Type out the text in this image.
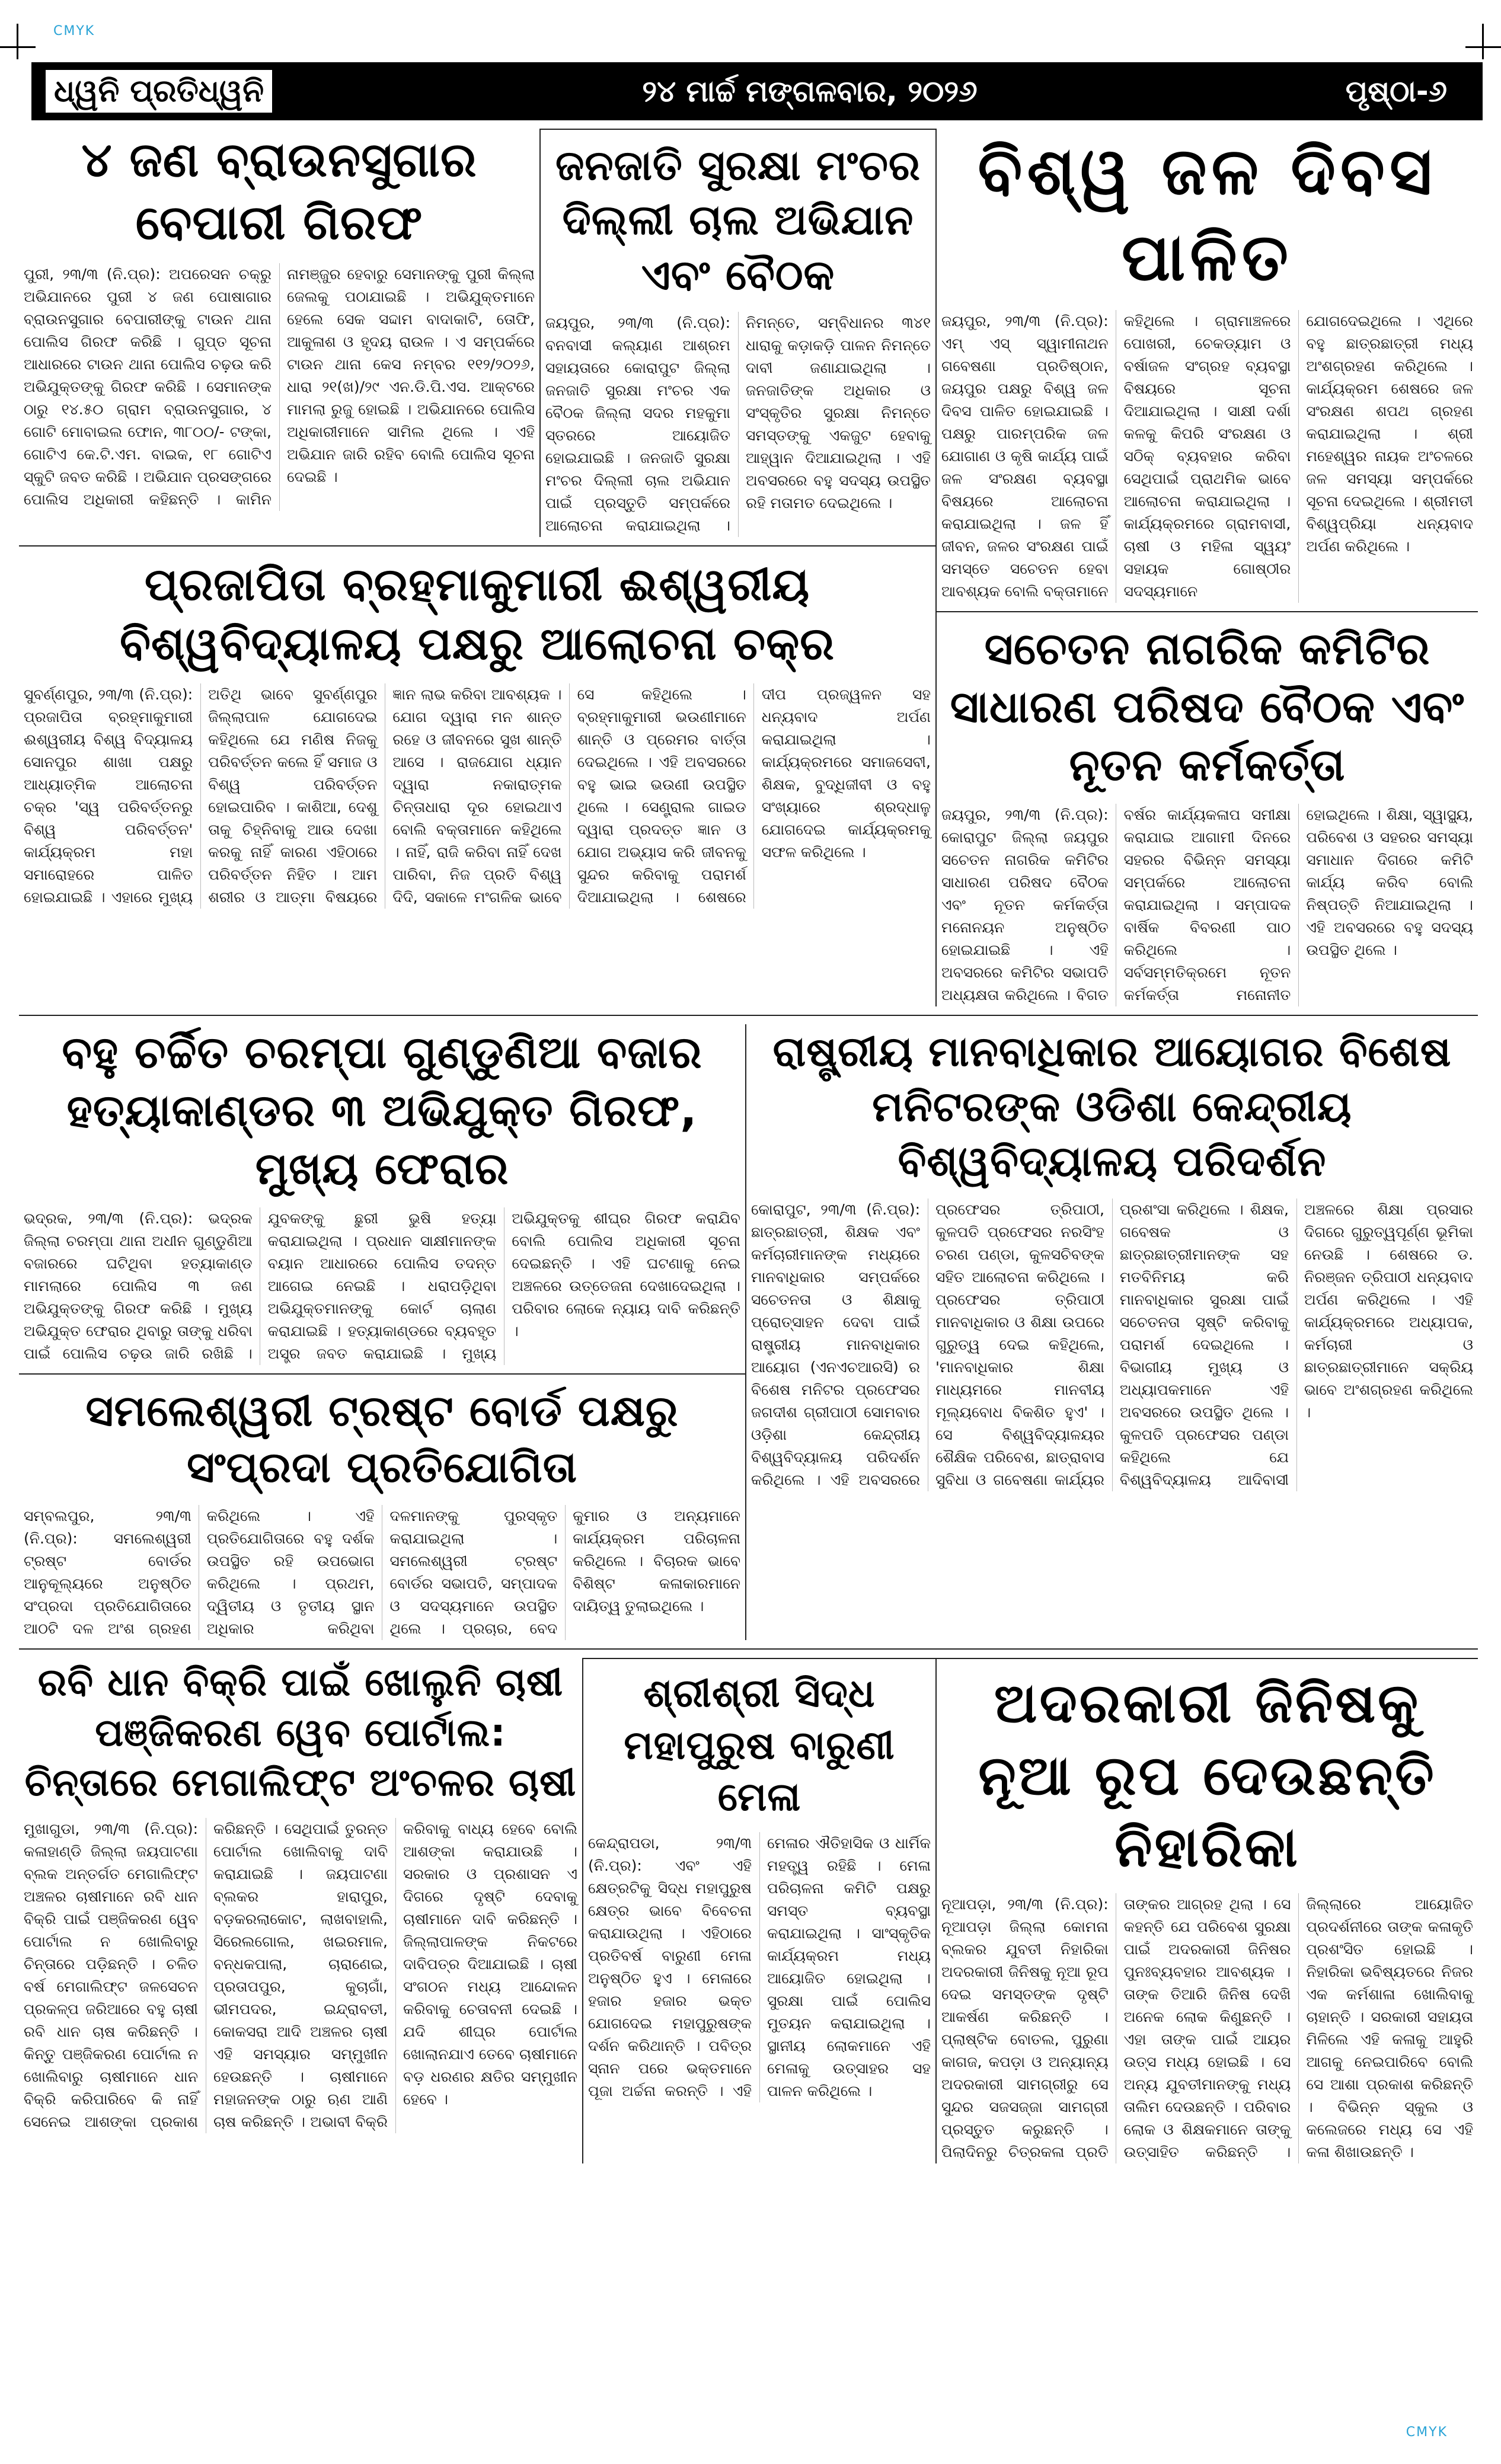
CMYK
CMYK
ଧ୍ୱନି ପ୍ରତିଧ୍ୱନି	୨୪ ମାର୍ଚ୍ଚ ମଙ୍ଗଳବାର, ୨୦୨୬	ପୃଷ୍ଠା-୬
୪ ଜଣ ବ୍ରାଉନସୁଗାର ବେପାରୀ ଗିରଫ
ପୁରୀ, ୨୩/୩ (ନି.ପ୍ର): ଅପରେସନ ଚକ୍ରୁ ଅଭିଯାନରେ ପୁରୀ ୪ ଜଣ ପୋଷାଗାର ବ୍ରାଉନସୁଗାର ବେପାରୀଙ୍କୁ ଟାଉନ ଥାନା ପୋଲିସ ଗିରଫ କରିଛି । ଗୁପ୍ତ ସୂଚନା ଆଧାରରେ ଟାଉନ ଥାନା ପୋଲିସ ଚଢ଼ଉ କରି ଅଭିଯୁକ୍ତଙ୍କୁ ଗିରଫ କରିଛି । ସେମାନଙ୍କ ଠାରୁ ୧୪.୫୦ ଗ୍ରାମ ବ୍ରାଉନସୁଗାର, ୪ ଗୋଟି ମୋବାଇଲ ଫୋନ, ୩୮୦୦/- ଟଙ୍କା, ଗୋଟିଏ କେ.ଟି.ଏମ. ବାଇକ, ୧୮ ଗୋଟିଏ ସ୍କୁଟି ଜବତ କରିଛି । ଅଭିଯାନ ପ୍ରସଙ୍ଗରେ ପୋଲିସ ଅଧିକାରୀ କହିଛନ୍ତି । କାମିନ ନାମଞ୍ଜୁର ହେବାରୁ ସେମାନଙ୍କୁ ପୁରୀ କିଲ୍ଲା ଜେଲକୁ ପଠାଯାଇଛି । ଅଭିଯୁକ୍ତମାନେ ହେଲେ ସେକ ସଦ୍ଦାମ ବାଦାକାଟି, ତୋଫି, ଆକୁଳାଶ ଓ ହୃଦୟ ରାଉଳ । ଏ ସମ୍ପର୍କରେ ଟାଉନ ଥାନା କେସ ନମ୍ବର ୧୧୨/୨୦୨୬, ଧାରା ୨୧(ଖ)/୨୯ ଏନ.ଡି.ପି.ଏସ. ଆକ୍ଟରେ ମାମଲା ରୁଜୁ ହୋଇଛି । ଅଭିଯାନରେ ପୋଲିସ ଅଧିକାରୀମାନେ ସାମିଲ ଥିଲେ । ଏହି ଅଭିଯାନ ଜାରି ରହିବ ବୋଲି ପୋଲିସ ସୂଚନା ଦେଇଛି ।
ଜନଜାତି ସୁରକ୍ଷା ମଂଚର ଦିଲ୍ଲୀ ଚାଲ ଅଭିଯାନ ଏବଂ ବୈଠକ
ଜୟପୁର, ୨୩/୩ (ନି.ପ୍ର): ବନବାସୀ କଲ୍ୟାଣ ଆଶ୍ରମ ସହାୟତାରେ କୋରାପୁଟ ଜିଲ୍ଲା ଜନଜାତି ସୁରକ୍ଷା ମଂଚର ଏକ ବୈଠକ ଜିଲ୍ଲା ସଦର ମହକୁମା ସ୍ତରରେ ଆୟୋଜିତ ହୋଇଯାଇଛି । ଜନଜାତି ସୁରକ୍ଷା ମଂଚର ଦିଲ୍ଲୀ ଚାଲ ଅଭିଯାନ ପାଇଁ ପ୍ରସ୍ତୁତି ସମ୍ପର୍କରେ ଆଲୋଚନା କରାଯାଇଥିଲା । ନିମନ୍ତେ, ସମ୍ବିଧାନର ୩୪୧ ଧାରାକୁ କଡ଼ାକଡ଼ି ପାଳନ ନିମନ୍ତେ ଦାବୀ ଜଣାଯାଇଥିଲା । ଜନଜାତିଙ୍କ ଅଧିକାର ଓ ସଂସ୍କୃତିର ସୁରକ୍ଷା ନିମନ୍ତେ ସମସ୍ତଙ୍କୁ ଏକଜୁଟ ହେବାକୁ ଆହ୍ୱାନ ଦିଆଯାଇଥିଲା । ଏହି ଅବସରରେ ବହୁ ସଦସ୍ୟ ଉପସ୍ଥିତ ରହି ମତାମତ ଦେଇଥିଲେ ।
ପ୍ରଜାପିତା ବ୍ରହ୍ମାକୁମାରୀ ଈଶ୍ୱରୀୟ ବିଶ୍ୱବିଦ୍ୟାଳୟ ପକ୍ଷରୁ ଆଲୋଚନା ଚକ୍ର
ସୁବର୍ଣ୍ଣପୁର, ୨୩/୩ (ନି.ପ୍ର): ପ୍ରଜାପିତା ବ୍ରହ୍ମାକୁମାରୀ ଈଶ୍ୱରୀୟ ବିଶ୍ୱ ବିଦ୍ୟାଳୟ ସୋନପୁର ଶାଖା ପକ୍ଷରୁ ଆଧ୍ୟାତ୍ମିକ ଆଲୋଚନା ଚକ୍ର 'ସ୍ୱ ପରିବର୍ତ୍ତନରୁ ବିଶ୍ୱ ପରିବର୍ତ୍ତନ' କାର୍ଯ୍ୟକ୍ରମ ମହା ସମାରୋହରେ ପାଳିତ ହୋଇଯାଇଛି । ଏହାରେ ମୁଖ୍ୟ ଅତିଥି ଭାବେ ସୁବର୍ଣ୍ଣପୁର ଜିଲ୍ଲାପାଳ ଯୋଗଦେଇ କହିଥିଲେ ଯେ ମଣିଷ ନିଜକୁ ପରିବର୍ତ୍ତନ କଲେ ହିଁ ସମାଜ ଓ ବିଶ୍ୱ ପରିବର୍ତ୍ତନ ହୋଇପାରିବ । କାଶିଆ, ଦେଶୁ ତାକୁ ଚିହ୍ନିବାକୁ ଆଉ ଦେଖା କରକୁ ନାହିଁ କାରଣ ଏହିଠାରେ ପରିବର୍ତ୍ତନ ନିହିତ । ଆମ ଶରୀର ଓ ଆତ୍ମା ବିଷୟରେ ଜ୍ଞାନ ଲାଭ କରିବା ଆବଶ୍ୟକ । ଯୋଗ ଦ୍ୱାରା ମନ ଶାନ୍ତ ରହେ ଓ ଜୀବନରେ ସୁଖ ଶାନ୍ତି ଆସେ । ରାଜଯୋଗ ଧ୍ୟାନ ଦ୍ୱାରା ନକାରାତ୍ମକ ଚିନ୍ତାଧାରା ଦୂର ହୋଇଥାଏ ବୋଲି ବକ୍ତାମାନେ କହିଥିଲେ । ନାହିଁ, ରାଜି କରିବା ନାହିଁ ଦେଖ ପାରିବା, ନିଜ ପ୍ରତି ବିଶ୍ୱ ଦିଦି, ସକାଳେ ମଂଗଳିକ ଭାବେ ସେ କହିଥିଲେ । ବ୍ରହ୍ମାକୁମାରୀ ଭଉଣୀମାନେ ଶାନ୍ତି ଓ ପ୍ରେମର ବାର୍ତ୍ତା ଦେଇଥିଲେ । ଏହି ଅବସରରେ ବହୁ ଭାଇ ଭଉଣୀ ଉପସ୍ଥିତ ଥିଲେ । ସେଣ୍ଟ୍ରାଲ ଗାଇଡ ଦ୍ୱାରା ପ୍ରଦତ୍ତ ଜ୍ଞାନ ଓ ଯୋଗ ଅଭ୍ୟାସ କରି ଜୀବନକୁ ସୁନ୍ଦର କରିବାକୁ ପରାମର୍ଶ ଦିଆଯାଇଥିଲା । ଶେଷରେ ଦୀପ ପ୍ରଜ୍ୱଳନ ସହ ଧନ୍ୟବାଦ ଅର୍ପଣ କରାଯାଇଥିଲା । କାର୍ଯ୍ୟକ୍ରମରେ ସମାଜସେବୀ, ଶିକ୍ଷକ, ବୁଦ୍ଧିଜୀବୀ ଓ ବହୁ ସଂଖ୍ୟାରେ ଶ୍ରଦ୍ଧାଳୁ ଯୋଗଦେଇ କାର୍ଯ୍ୟକ୍ରମକୁ ସଫଳ କରିଥିଲେ ।
ବିଶ୍ୱ ଜଳ ଦିବସ ପାଳିତ
ଜୟପୁର, ୨୩/୩ (ନି.ପ୍ର): ଏମ୍ ଏସ୍ ସ୍ୱାମୀନାଥନ ଗବେଷଣା ପ୍ରତିଷ୍ଠାନ, ଜୟପୁର ପକ୍ଷରୁ ବିଶ୍ୱ ଜଳ ଦିବସ ପାଳିତ ହୋଇଯାଇଛି । ପକ୍ଷରୁ ପାରମ୍ପରିକ ଜଳ ଯୋଗାଣ ଓ କୃଷି କାର୍ଯ୍ୟ ପାଇଁ ଜଳ ସଂରକ୍ଷଣ ବ୍ୟବସ୍ଥା ବିଷୟରେ ଆଲୋଚନା କରାଯାଇଥିଲା । ଜଳ ହିଁ ଜୀବନ, ଜଳର ସଂରକ୍ଷଣ ପାଇଁ ସମସ୍ତେ ସଚେତନ ହେବା ଆବଶ୍ୟକ ବୋଲି ବକ୍ତାମାନେ କହିଥିଲେ । ଗ୍ରାମାଞ୍ଚଳରେ ପୋଖରୀ, ଚେକଡ୍ୟାମ ଓ ବର୍ଷାଜଳ ସଂଗ୍ରହ ବ୍ୟବସ୍ଥା ବିଷୟରେ ସୂଚନା ଦିଆଯାଇଥିଲା । ସାକ୍ଷୀ ଦର୍ଶା କଳକୁ କିପରି ସଂରକ୍ଷଣ ଓ ସଠିକ୍ ବ୍ୟବହାର କରିବା ସେଥିପାଇଁ ପ୍ରାଥମିକ ଭାବେ ଆଲୋଚନା କରାଯାଇଥିଲା । କାର୍ଯ୍ୟକ୍ରମରେ ଗ୍ରାମବାସୀ, ଚାଷୀ ଓ ମହିଳା ସ୍ୱୟଂ ସହାୟକ ଗୋଷ୍ଠୀର ସଦସ୍ୟମାନେ ଯୋଗଦେଇଥିଲେ । ଏଥିରେ ବହୁ ଛାତ୍ରଛାତ୍ରୀ ମଧ୍ୟ ଅଂଶଗ୍ରହଣ କରିଥିଲେ । କାର୍ଯ୍ୟକ୍ରମ ଶେଷରେ ଜଳ ସଂରକ୍ଷଣ ଶପଥ ଗ୍ରହଣ କରାଯାଇଥିଲା । ଶ୍ରୀ ମହେଶ୍ୱର ନାୟକ ଅଂଚଳରେ ଜଳ ସମସ୍ୟା ସମ୍ପର୍କରେ ସୂଚନା ଦେଇଥିଲେ । ଶ୍ରୀମତୀ ବିଶ୍ୱପ୍ରିୟା ଧନ୍ୟବାଦ ଅର୍ପଣ କରିଥିଲେ ।
ସଚେତନ ନାଗରିକ କମିଟିର ସାଧାରଣ ପରିଷଦ ବୈଠକ ଏବଂ ନୂତନ କର୍ମକର୍ତ୍ତା
ଜୟପୁର, ୨୩/୩ (ନି.ପ୍ର): କୋରାପୁଟ ଜିଲ୍ଲା ଜୟପୁର ସଚେତନ ନାଗରିକ କମିଟିର ସାଧାରଣ ପରିଷଦ ବୈଠକ ଏବଂ ନୂତନ କର୍ମକର୍ତ୍ତା ମନୋନୟନ ଅନୁଷ୍ଠିତ ହୋଇଯାଇଛି । ଏହି ଅବସରରେ କମିଟିର ସଭାପତି ଅଧ୍ୟକ୍ଷତା କରିଥିଲେ । ବିଗତ ବର୍ଷର କାର୍ଯ୍ୟକଳାପ ସମୀକ୍ଷା କରାଯାଇ ଆଗାମୀ ଦିନରେ ସହରର ବିଭିନ୍ନ ସମସ୍ୟା ସମ୍ପର୍କରେ ଆଲୋଚନା କରାଯାଇଥିଲା । ସମ୍ପାଦକ ବାର୍ଷିକ ବିବରଣୀ ପାଠ କରିଥିଲେ । ସର୍ବସମ୍ମତିକ୍ରମେ ନୂତନ କର୍ମକର୍ତ୍ତା ମନୋନୀତ ହୋଇଥିଲେ । ଶିକ୍ଷା, ସ୍ୱାସ୍ଥ୍ୟ, ପରିବେଶ ଓ ସହରର ସମସ୍ୟା ସମାଧାନ ଦିଗରେ କମିଟି କାର୍ଯ୍ୟ କରିବ ବୋଲି ନିଷ୍ପତ୍ତି ନିଆଯାଇଥିଲା । ଏହି ଅବସରରେ ବହୁ ସଦସ୍ୟ ଉପସ୍ଥିତ ଥିଲେ ।
ବହୁ ଚର୍ଚ୍ଚିତ ଚରମ୍ପା ଗୁଣ୍ଡୁଣିଆ ବଜାର ହତ୍ୟାକାଣ୍ଡର ୩ ଅଭିଯୁକ୍ତ ଗିରଫ, ମୁଖ୍ୟ ଫେରାର
ଭଦ୍ରକ, ୨୩/୩ (ନି.ପ୍ର): ଭଦ୍ରକ ଜିଲ୍ଲା ଚରମ୍ପା ଥାନା ଅଧୀନ ଗୁଣ୍ଡୁଣିଆ ବଜାରରେ ଘଟିଥିବା ହତ୍ୟାକାଣ୍ଡ ମାମଲାରେ ପୋଲିସ ୩ ଜଣ ଅଭିଯୁକ୍ତଙ୍କୁ ଗିରଫ କରିଛି । ମୁଖ୍ୟ ଅଭିଯୁକ୍ତ ଫେରାର ଥିବାରୁ ତାଙ୍କୁ ଧରିବା ପାଇଁ ପୋଲିସ ଚଢ଼ଉ ଜାରି ରଖିଛି । ଯୁବକଙ୍କୁ ଛୁରୀ ଭୁଷି ହତ୍ୟା କରାଯାଇଥିଲା । ପ୍ରଧାନ ସାକ୍ଷୀମାନଙ୍କ ବୟାନ ଆଧାରରେ ପୋଲିସ ତଦନ୍ତ ଆଗେଇ ନେଇଛି । ଧରାପଡ଼ିଥିବା ଅଭିଯୁକ୍ତମାନଙ୍କୁ କୋର୍ଟ ଚାଲାଣ କରାଯାଇଛି । ହତ୍ୟାକାଣ୍ଡରେ ବ୍ୟବହୃତ ଅସ୍ତ୍ର ଜବତ କରାଯାଇଛି । ମୁଖ୍ୟ ଅଭିଯୁକ୍ତକୁ ଶୀଘ୍ର ଗିରଫ କରାଯିବ ବୋଲି ପୋଲିସ ଅଧିକାରୀ ସୂଚନା ଦେଇଛନ୍ତି । ଏହି ଘଟଣାକୁ ନେଇ ଅଞ୍ଚଳରେ ଉତ୍ତେଜନା ଦେଖାଦେଇଥିଲା । ପରିବାର ଲୋକେ ନ୍ୟାୟ ଦାବି କରିଛନ୍ତି ।
ସମଲେଶ୍ୱରୀ ଟ୍ରଷ୍ଟ ବୋର୍ଡ ପକ୍ଷରୁ ସଂପ୍ରଦା ପ୍ରତିଯୋଗିତା
ସମ୍ବଲପୁର, ୨୩/୩ (ନି.ପ୍ର): ସମଲେଶ୍ୱରୀ ଟ୍ରଷ୍ଟ ବୋର୍ଡର ଆନୁକୂଲ୍ୟରେ ଅନୁଷ୍ଠିତ ସଂପ୍ରଦା ପ୍ରତିଯୋଗିତାରେ ଆଠଟି ଦଳ ଅଂଶ ଗ୍ରହଣ କରିଥିଲେ । ଏହି ପ୍ରତିଯୋଗିତାରେ ବହୁ ଦର୍ଶକ ଉପସ୍ଥିତ ରହି ଉପଭୋଗ କରିଥିଲେ । ପ୍ରଥମ, ଦ୍ୱିତୀୟ ଓ ତୃତୀୟ ସ୍ଥାନ ଅଧିକାର କରିଥିବା ଦଳମାନଙ୍କୁ ପୁରସ୍କୃତ କରାଯାଇଥିଲା । ସମଲେଶ୍ୱରୀ ଟ୍ରଷ୍ଟ ବୋର୍ଡର ସଭାପତି, ସମ୍ପାଦକ ଓ ସଦସ୍ୟମାନେ ଉପସ୍ଥିତ ଥିଲେ । ପ୍ରଚାର, ବେଦ କୁମାର ଓ ଅନ୍ୟମାନେ କାର୍ଯ୍ୟକ୍ରମ ପରିଚାଳନା କରିଥିଲେ । ବିଚାରକ ଭାବେ ବିଶିଷ୍ଟ କଳାକାରମାନେ ଦାୟିତ୍ୱ ତୁଲାଇଥିଲେ ।
ରାଷ୍ଟ୍ରୀୟ ମାନବାଧିକାର ଆୟୋଗର ବିଶେଷ ମନିଟରଙ୍କ ଓଡିଶା କେନ୍ଦ୍ରୀୟ ବିଶ୍ୱବିଦ୍ୟାଳୟ ପରିଦର୍ଶନ
କୋରାପୁଟ, ୨୩/୩ (ନି.ପ୍ର): ଛାତ୍ରଛାତ୍ରୀ, ଶିକ୍ଷକ ଏବଂ କର୍ମଚାରୀମାନଙ୍କ ମଧ୍ୟରେ ମାନବାଧିକାର ସମ୍ପର୍କରେ ସଚେତନତା ଓ ଶିକ୍ଷାକୁ ପ୍ରୋତ୍ସାହନ ଦେବା ପାଇଁ ରାଷ୍ଟ୍ରୀୟ ମାନବାଧିକାର ଆୟୋଗ (ଏନଏଚଆରସି) ର ବିଶେଷ ମନିଟର ପ୍ରଫେସର ଜଗଦୀଶ ଗ୍ରୀପାଠୀ ସୋମବାର ଓଡ଼ିଶା କେନ୍ଦ୍ରୀୟ ବିଶ୍ୱବିଦ୍ୟାଳୟ ପରିଦର୍ଶନ କରିଥିଲେ । ଏହି ଅବସରରେ ପ୍ରଫେସର ତ୍ରିପାଠୀ, କୁଳପତି ପ୍ରଫେସର ନରସିଂହ ଚରଣ ପଣ୍ଡା, କୁଳସଚିବଙ୍କ ସହିତ ଆଲୋଚନା କରିଥିଲେ । ପ୍ରଫେସର ତ୍ରିପାଠୀ ମାନବାଧିକାର ଓ ଶିକ୍ଷା ଉପରେ ଗୁରୁତ୍ୱ ଦେଇ କହିଥିଲେ, 'ମାନବାଧିକାର ଶିକ୍ଷା ମାଧ୍ୟମରେ ମାନବୀୟ ମୂଲ୍ୟବୋଧ ବିକଶିତ ହୁଏ' । ସେ ବିଶ୍ୱବିଦ୍ୟାଳୟର ଶୈକ୍ଷିକ ପରିବେଶ, ଛାତ୍ରାବାସ ସୁବିଧା ଓ ଗବେଷଣା କାର୍ଯ୍ୟର ପ୍ରଶଂସା କରିଥିଲେ । ଶିକ୍ଷକ, ଗବେଷକ ଓ ଛାତ୍ରଛାତ୍ରୀମାନଙ୍କ ସହ ମତବିନିମୟ କରି ମାନବାଧିକାର ସୁରକ୍ଷା ପାଇଁ ସଚେତନତା ସୃଷ୍ଟି କରିବାକୁ ପରାମର୍ଶ ଦେଇଥିଲେ । ବିଭାଗୀୟ ମୁଖ୍ୟ ଓ ଅଧ୍ୟାପକମାନେ ଏହି ଅବସରରେ ଉପସ୍ଥିତ ଥିଲେ । କୁଳପତି ପ୍ରଫେସର ପଣ୍ଡା କହିଥିଲେ ଯେ ବିଶ୍ୱବିଦ୍ୟାଳୟ ଆଦିବାସୀ ଅଞ୍ଚଳରେ ଶିକ୍ଷା ପ୍ରସାର ଦିଗରେ ଗୁରୁତ୍ୱପୂର୍ଣ୍ଣ ଭୂମିକା ନେଉଛି । ଶେଷରେ ଡ. ନିରଞ୍ଜନ ତ୍ରିପାଠୀ ଧନ୍ୟବାଦ ଅର୍ପଣ କରିଥିଲେ । ଏହି କାର୍ଯ୍ୟକ୍ରମରେ ଅଧ୍ୟାପକ, କର୍ମଚାରୀ ଓ ଛାତ୍ରଛାତ୍ରୀମାନେ ସକ୍ରିୟ ଭାବେ ଅଂଶଗ୍ରହଣ କରିଥିଲେ ।
ରବି ଧାନ ବିକ୍ରି ପାଇଁ ଖୋଲୁନି ଚାଷୀ ପଞ୍ଜିକରଣ ୱେବ ପୋର୍ଟାଲ: ଚିନ୍ତାରେ ମେଗାଲିଫ୍ଟ ଅଂଚଳର ଚାଷୀ
ମୁଖାଗୁଡା, ୨୩/୩ (ନି.ପ୍ର): କଳାହାଣ୍ଡି ଜିଲ୍ଲା ଜୟପାଟଣା ବ୍ଲକ ଅନ୍ତର୍ଗତ ମେଗାଲିଫ୍ଟ ଅଞ୍ଚଳର ଚାଷୀମାନେ ରବି ଧାନ ବିକ୍ରି ପାଇଁ ପଞ୍ଜିକରଣ ୱେବ ପୋର୍ଟାଲ ନ ଖୋଲିବାରୁ ଚିନ୍ତାରେ ପଡ଼ିଛନ୍ତି । ଚଳିତ ବର୍ଷ ମେଗାଲିଫ୍ଟ ଜଳସେଚନ ପ୍ରକଳ୍ପ ଜରିଆରେ ବହୁ ଚାଷୀ ରବି ଧାନ ଚାଷ କରିଛନ୍ତି । କିନ୍ତୁ ପଞ୍ଜିକରଣ ପୋର୍ଟାଲ ନ ଖୋଲିବାରୁ ଚାଷୀମାନେ ଧାନ ବିକ୍ରି କରିପାରିବେ କି ନାହିଁ ସେନେଇ ଆଶଙ୍କା ପ୍ରକାଶ କରିଛନ୍ତି । ସେଥିପାଇଁ ତୁରନ୍ତ ପୋର୍ଟାଲ ଖୋଲିବାକୁ ଦାବି କରାଯାଇଛି । ଜୟପାଟଣା ବ୍ଲକର ହାରାପୁର, ବଡ଼କରଲାକୋଟ, ଲାଖବାହାଲି, ସିରେଲଗୋଲ, ଖଇରମାଳ, ବନ୍ଧକପାଲା, ଚାରାଣେଇ, ପ୍ରତାପପୁର, କୁଚାଗାଁ, ଭୀମପଦର, ଇନ୍ଦ୍ରାବତୀ, କୋକସରା ଆଦି ଅଞ୍ଚଳର ଚାଷୀ ଏହି ସମସ୍ୟାର ସମ୍ମୁଖୀନ ହେଉଛନ୍ତି । ଚାଷୀମାନେ ମହାଜନଙ୍କ ଠାରୁ ଋଣ ଆଣି ଚାଷ କରିଛନ୍ତି । ଅଭାବୀ ବିକ୍ରି କରିବାକୁ ବାଧ୍ୟ ହେବେ ବୋଲି ଆଶଙ୍କା କରାଯାଉଛି । ସରକାର ଓ ପ୍ରଶାସନ ଏ ଦିଗରେ ଦୃଷ୍ଟି ଦେବାକୁ ଚାଷୀମାନେ ଦାବି କରିଛନ୍ତି । ଜିଲ୍ଲାପାଳଙ୍କ ନିକଟରେ ଦାବିପତ୍ର ଦିଆଯାଇଛି । ଚାଷୀ ସଂଗଠନ ମଧ୍ୟ ଆନ୍ଦୋଳନ କରିବାକୁ ଚେତାବନୀ ଦେଇଛି । ଯଦି ଶୀଘ୍ର ପୋର୍ଟାଲ ଖୋଲାନଯାଏ ତେବେ ଚାଷୀମାନେ ବଡ଼ ଧରଣର କ୍ଷତିର ସମ୍ମୁଖୀନ ହେବେ ।
ଶ୍ରୀଶ୍ରୀ ସିଦ୍ଧ ମହାପୁରୁଷ ବାରୁଣୀ ମେଳା
କେନ୍ଦ୍ରାପଡା, ୨୩/୩ (ନି.ପ୍ର): ଏବଂ ଏହି କ୍ଷେତ୍ରଟିକୁ ସିଦ୍ଧ ମହାପୁରୁଷ କ୍ଷେତ୍ର ଭାବେ ବିବେଚନା କରାଯାଉଥିଲା । ଏହିଠାରେ ପ୍ରତିବର୍ଷ ବାରୁଣୀ ମେଳା ଅନୁଷ୍ଠିତ ହୁଏ । ମେଳାରେ ହଜାର ହଜାର ଭକ୍ତ ଯୋଗଦେଇ ମହାପୁରୁଷଙ୍କ ଦର୍ଶନ କରିଥାନ୍ତି । ପବିତ୍ର ସ୍ନାନ ପରେ ଭକ୍ତମାନେ ପୂଜା ଅର୍ଚ୍ଚନା କରନ୍ତି । ଏହି ମେଳାର ଐତିହାସିକ ଓ ଧାର୍ମିକ ମହତ୍ତ୍ୱ ରହିଛି । ମେଳା ପରିଚାଳନା କମିଟି ପକ୍ଷରୁ ସମସ୍ତ ବ୍ୟବସ୍ଥା କରାଯାଇଥିଲା । ସାଂସ୍କୃତିକ କାର୍ଯ୍ୟକ୍ରମ ମଧ୍ୟ ଆୟୋଜିତ ହୋଇଥିଲା । ସୁରକ୍ଷା ପାଇଁ ପୋଲିସ ମୁତୟନ କରାଯାଇଥିଲା । ସ୍ଥାନୀୟ ଲୋକମାନେ ଏହି ମେଳାକୁ ଉତ୍ସାହର ସହ ପାଳନ କରିଥିଲେ ।
ଅଦରକାରୀ ଜିନିଷକୁ ନୂଆ ରୂପ ଦେଉଛନ୍ତି ନିହାରିକା
ନୂଆପଡ଼ା, ୨୩/୩ (ନି.ପ୍ର): ନୂଆପଡ଼ା ଜିଲ୍ଲା କୋମନା ବ୍ଲକର ଯୁବତୀ ନିହାରିକା ଅଦରକାରୀ ଜିନିଷକୁ ନୂଆ ରୂପ ଦେଇ ସମସ୍ତଙ୍କ ଦୃଷ୍ଟି ଆକର୍ଷଣ କରିଛନ୍ତି । ପ୍ଲାଷ୍ଟିକ ବୋତଲ, ପୁରୁଣା କାଗଜ, କପଡ଼ା ଓ ଅନ୍ୟାନ୍ୟ ଅଦରକାରୀ ସାମଗ୍ରୀରୁ ସେ ସୁନ୍ଦର ସଜସଜ୍ଜା ସାମଗ୍ରୀ ପ୍ରସ୍ତୁତ କରୁଛନ୍ତି । ପିଲାଦିନରୁ ଚିତ୍ରକଳା ପ୍ରତି ତାଙ୍କର ଆଗ୍ରହ ଥିଲା । ସେ କହନ୍ତି ଯେ ପରିବେଶ ସୁରକ୍ଷା ପାଇଁ ଅଦରକାରୀ ଜିନିଷର ପୁନଃବ୍ୟବହାର ଆବଶ୍ୟକ । ତାଙ୍କ ତିଆରି ଜିନିଷ ଦେଖି ଅନେକ ଲୋକ କିଣୁଛନ୍ତି । ଏହା ତାଙ୍କ ପାଇଁ ଆୟର ଉତ୍ସ ମଧ୍ୟ ହୋଇଛି । ସେ ଅନ୍ୟ ଯୁବତୀମାନଙ୍କୁ ମଧ୍ୟ ତାଲିମ ଦେଉଛନ୍ତି । ପରିବାର ଲୋକ ଓ ଶିକ୍ଷକମାନେ ତାଙ୍କୁ ଉତ୍ସାହିତ କରିଛନ୍ତି । ଜିଲ୍ଲାରେ ଆୟୋଜିତ ପ୍ରଦର୍ଶନୀରେ ତାଙ୍କ କଳାକୃତି ପ୍ରଶଂସିତ ହୋଇଛି । ନିହାରିକା ଭବିଷ୍ୟତରେ ନିଜର ଏକ କର୍ମଶାଳା ଖୋଲିବାକୁ ଚାହାନ୍ତି । ସରକାରୀ ସହାୟତା ମିଳିଲେ ଏହି କଳାକୁ ଆହୁରି ଆଗକୁ ନେଇପାରିବେ ବୋଲି ସେ ଆଶା ପ୍ରକାଶ କରିଛନ୍ତି । ବିଭିନ୍ନ ସ୍କୁଲ ଓ କଲେଜରେ ମଧ୍ୟ ସେ ଏହି କଳା ଶିଖାଉଛନ୍ତି ।
